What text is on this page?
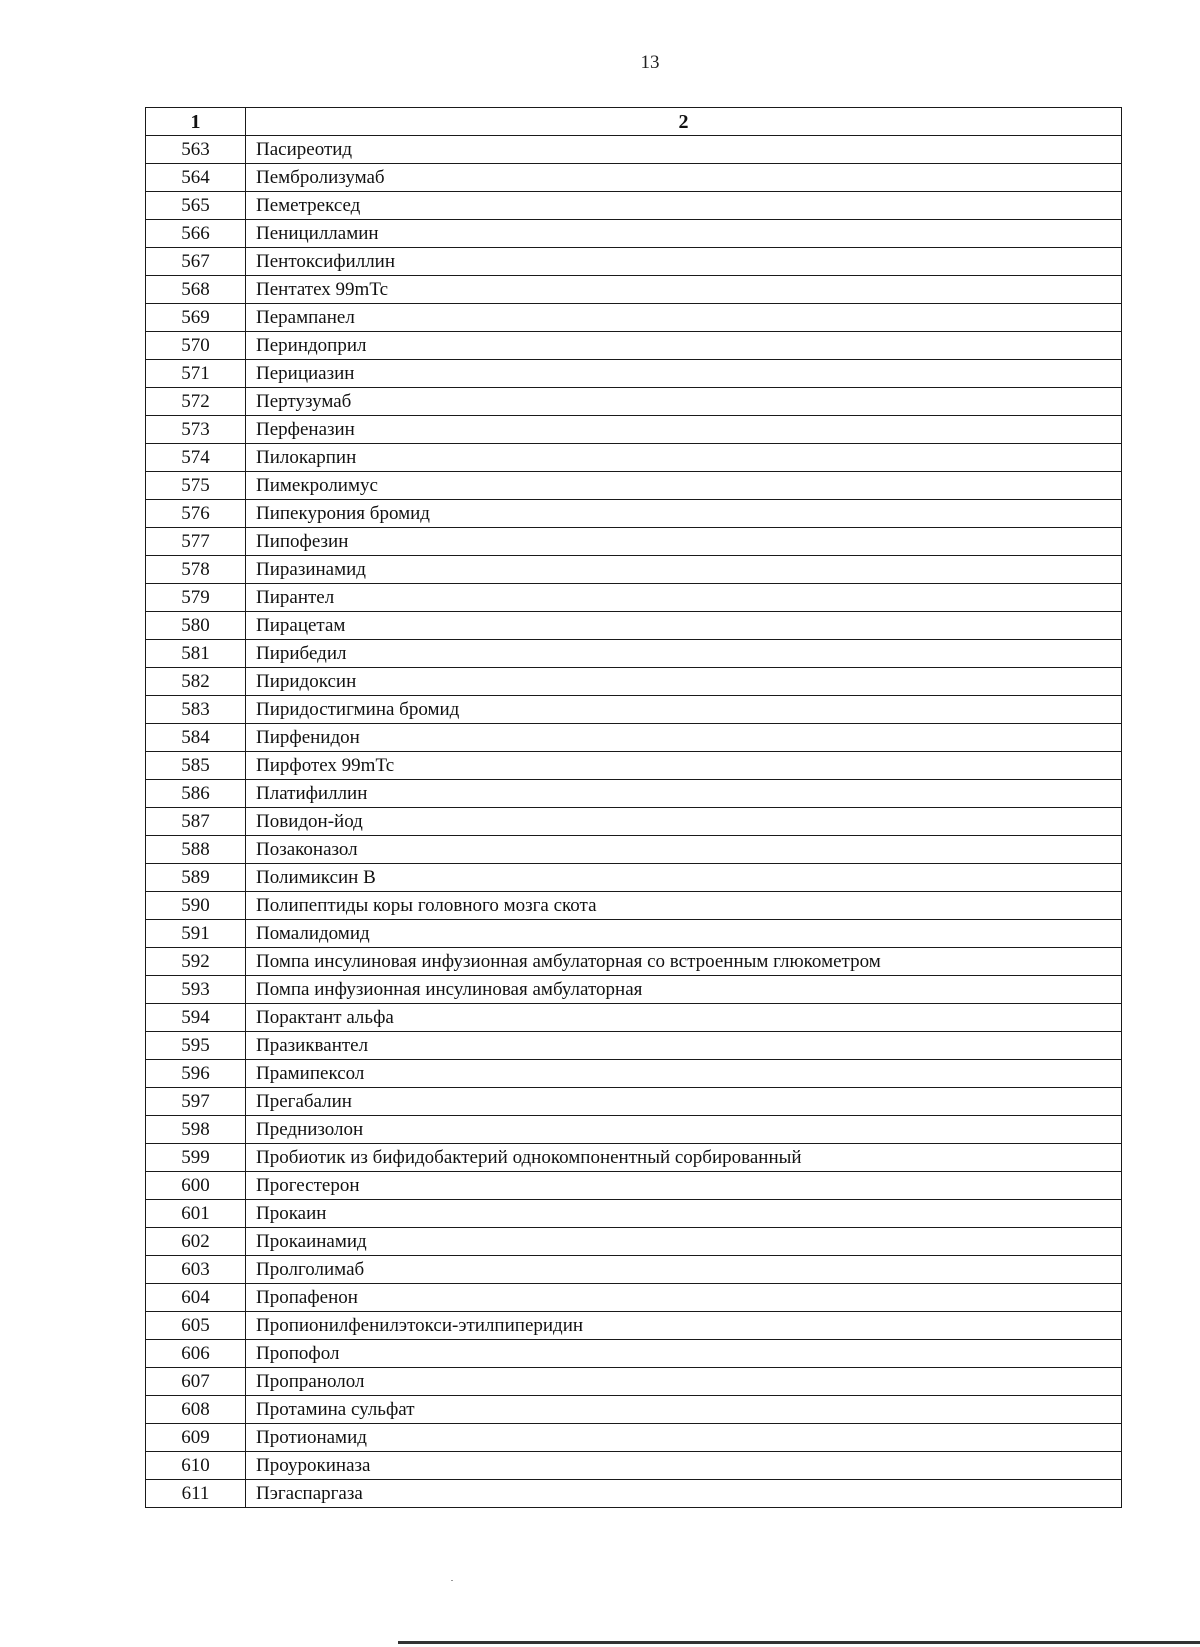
13
1	2
563	Пасиреотид
564	Пембролизумаб
565	Пеметрексед
566	Пеницилламин
567	Пентоксифиллин
568	Пентатех 99mTc
569	Перампанел
570	Периндоприл
571	Перициазин
572	Пертузумаб
573	Перфеназин
574	Пилокарпин
575	Пимекролимус
576	Пипекурония бромид
577	Пипофезин
578	Пиразинамид
579	Пирантел
580	Пирацетам
581	Пирибедил
582	Пиридоксин
583	Пиридостигмина бромид
584	Пирфенидон
585	Пирфотех 99mTc
586	Платифиллин
587	Повидон-йод
588	Позаконазол
589	Полимиксин В
590	Полипептиды коры головного мозга скота
591	Помалидомид
592	Помпа инсулиновая инфузионная амбулаторная со встроенным глюкометром
593	Помпа инфузионная инсулиновая амбулаторная
594	Порактант альфа
595	Празиквантел
596	Прамипексол
597	Прегабалин
598	Преднизолон
599	Пробиотик из бифидобактерий однокомпонентный сорбированный
600	Прогестерон
601	Прокаин
602	Прокаинамид
603	Пролголимаб
604	Пропафенон
605	Пропионилфенилэтокси-этилпиперидин
606	Пропофол
607	Пропранолол
608	Протамина сульфат
609	Протионамид
610	Проурокиназа
611	Пэгаспаргаза
